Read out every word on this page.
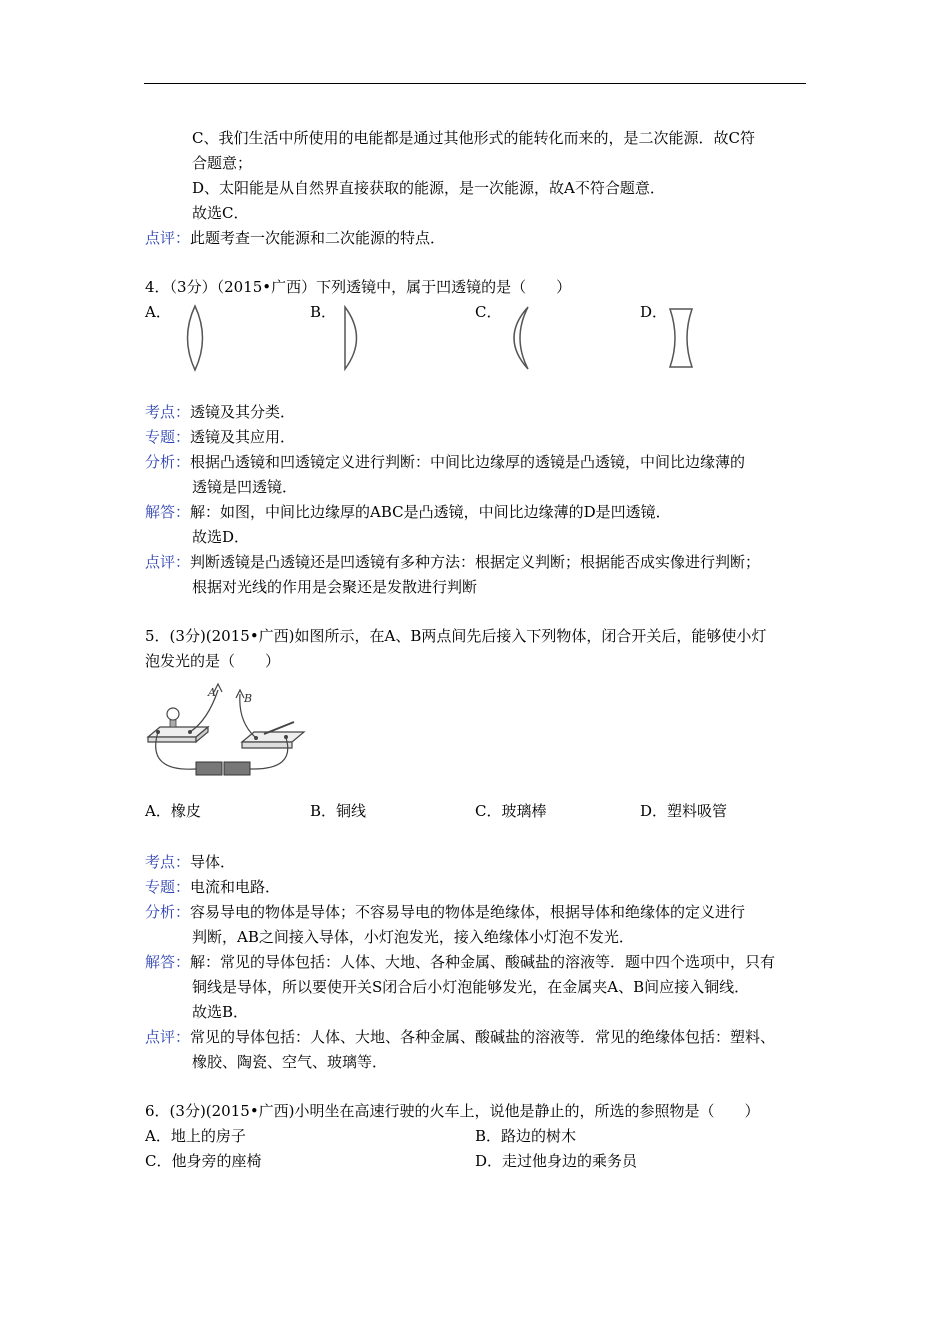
C、我们生活中所使用的电能都是通过其他形式的能转化而来的，是二次能源．故C符
合题意；
D、太阳能是从自然界直接获取的能源，是一次能源，故A不符合题意．
故选C．
点评：此题考查一次能源和二次能源的特点．
4．（3分）（2015•广西）下列透镜中，属于凹透镜的是（　　）
A．	B．	C．	D．
考点：透镜及其分类．
专题：透镜及其应用．
分析：根据凸透镜和凹透镜定义进行判断：中间比边缘厚的透镜是凸透镜，中间比边缘薄的
透镜是凹透镜．
解答：解：如图，中间比边缘厚的ABC是凸透镜，中间比边缘薄的D是凹透镜．
故选D．
点评：判断透镜是凸透镜还是凹透镜有多种方法：根据定义判断；根据能否成实像进行判断；
根据对光线的作用是会聚还是发散进行判断
5．(3分)(2015•广西)如图所示，在A、B两点间先后接入下列物体，闭合开关后，能够使小灯
泡发光的是（　　）
A	B
A．橡皮	B．铜线	C．玻璃棒	D．塑料吸管
考点：导体．
专题：电流和电路．
分析：容易导电的物体是导体；不容易导电的物体是绝缘体，根据导体和绝缘体的定义进行
判断，AB之间接入导体，小灯泡发光，接入绝缘体小灯泡不发光．
解答：解：常见的导体包括：人体、大地、各种金属、酸碱盐的溶液等．题中四个选项中，只有
铜线是导体，所以要使开关S闭合后小灯泡能够发光，在金属夹A、B间应接入铜线．
故选B．
点评：常见的导体包括：人体、大地、各种金属、酸碱盐的溶液等．常见的绝缘体包括：塑料、
橡胶、陶瓷、空气、玻璃等．
6．(3分)(2015•广西)小明坐在高速行驶的火车上，说他是静止的，所选的参照物是（　　）
A．地上的房子	B．路边的树木
C．他身旁的座椅	D．走过他身边的乘务员
